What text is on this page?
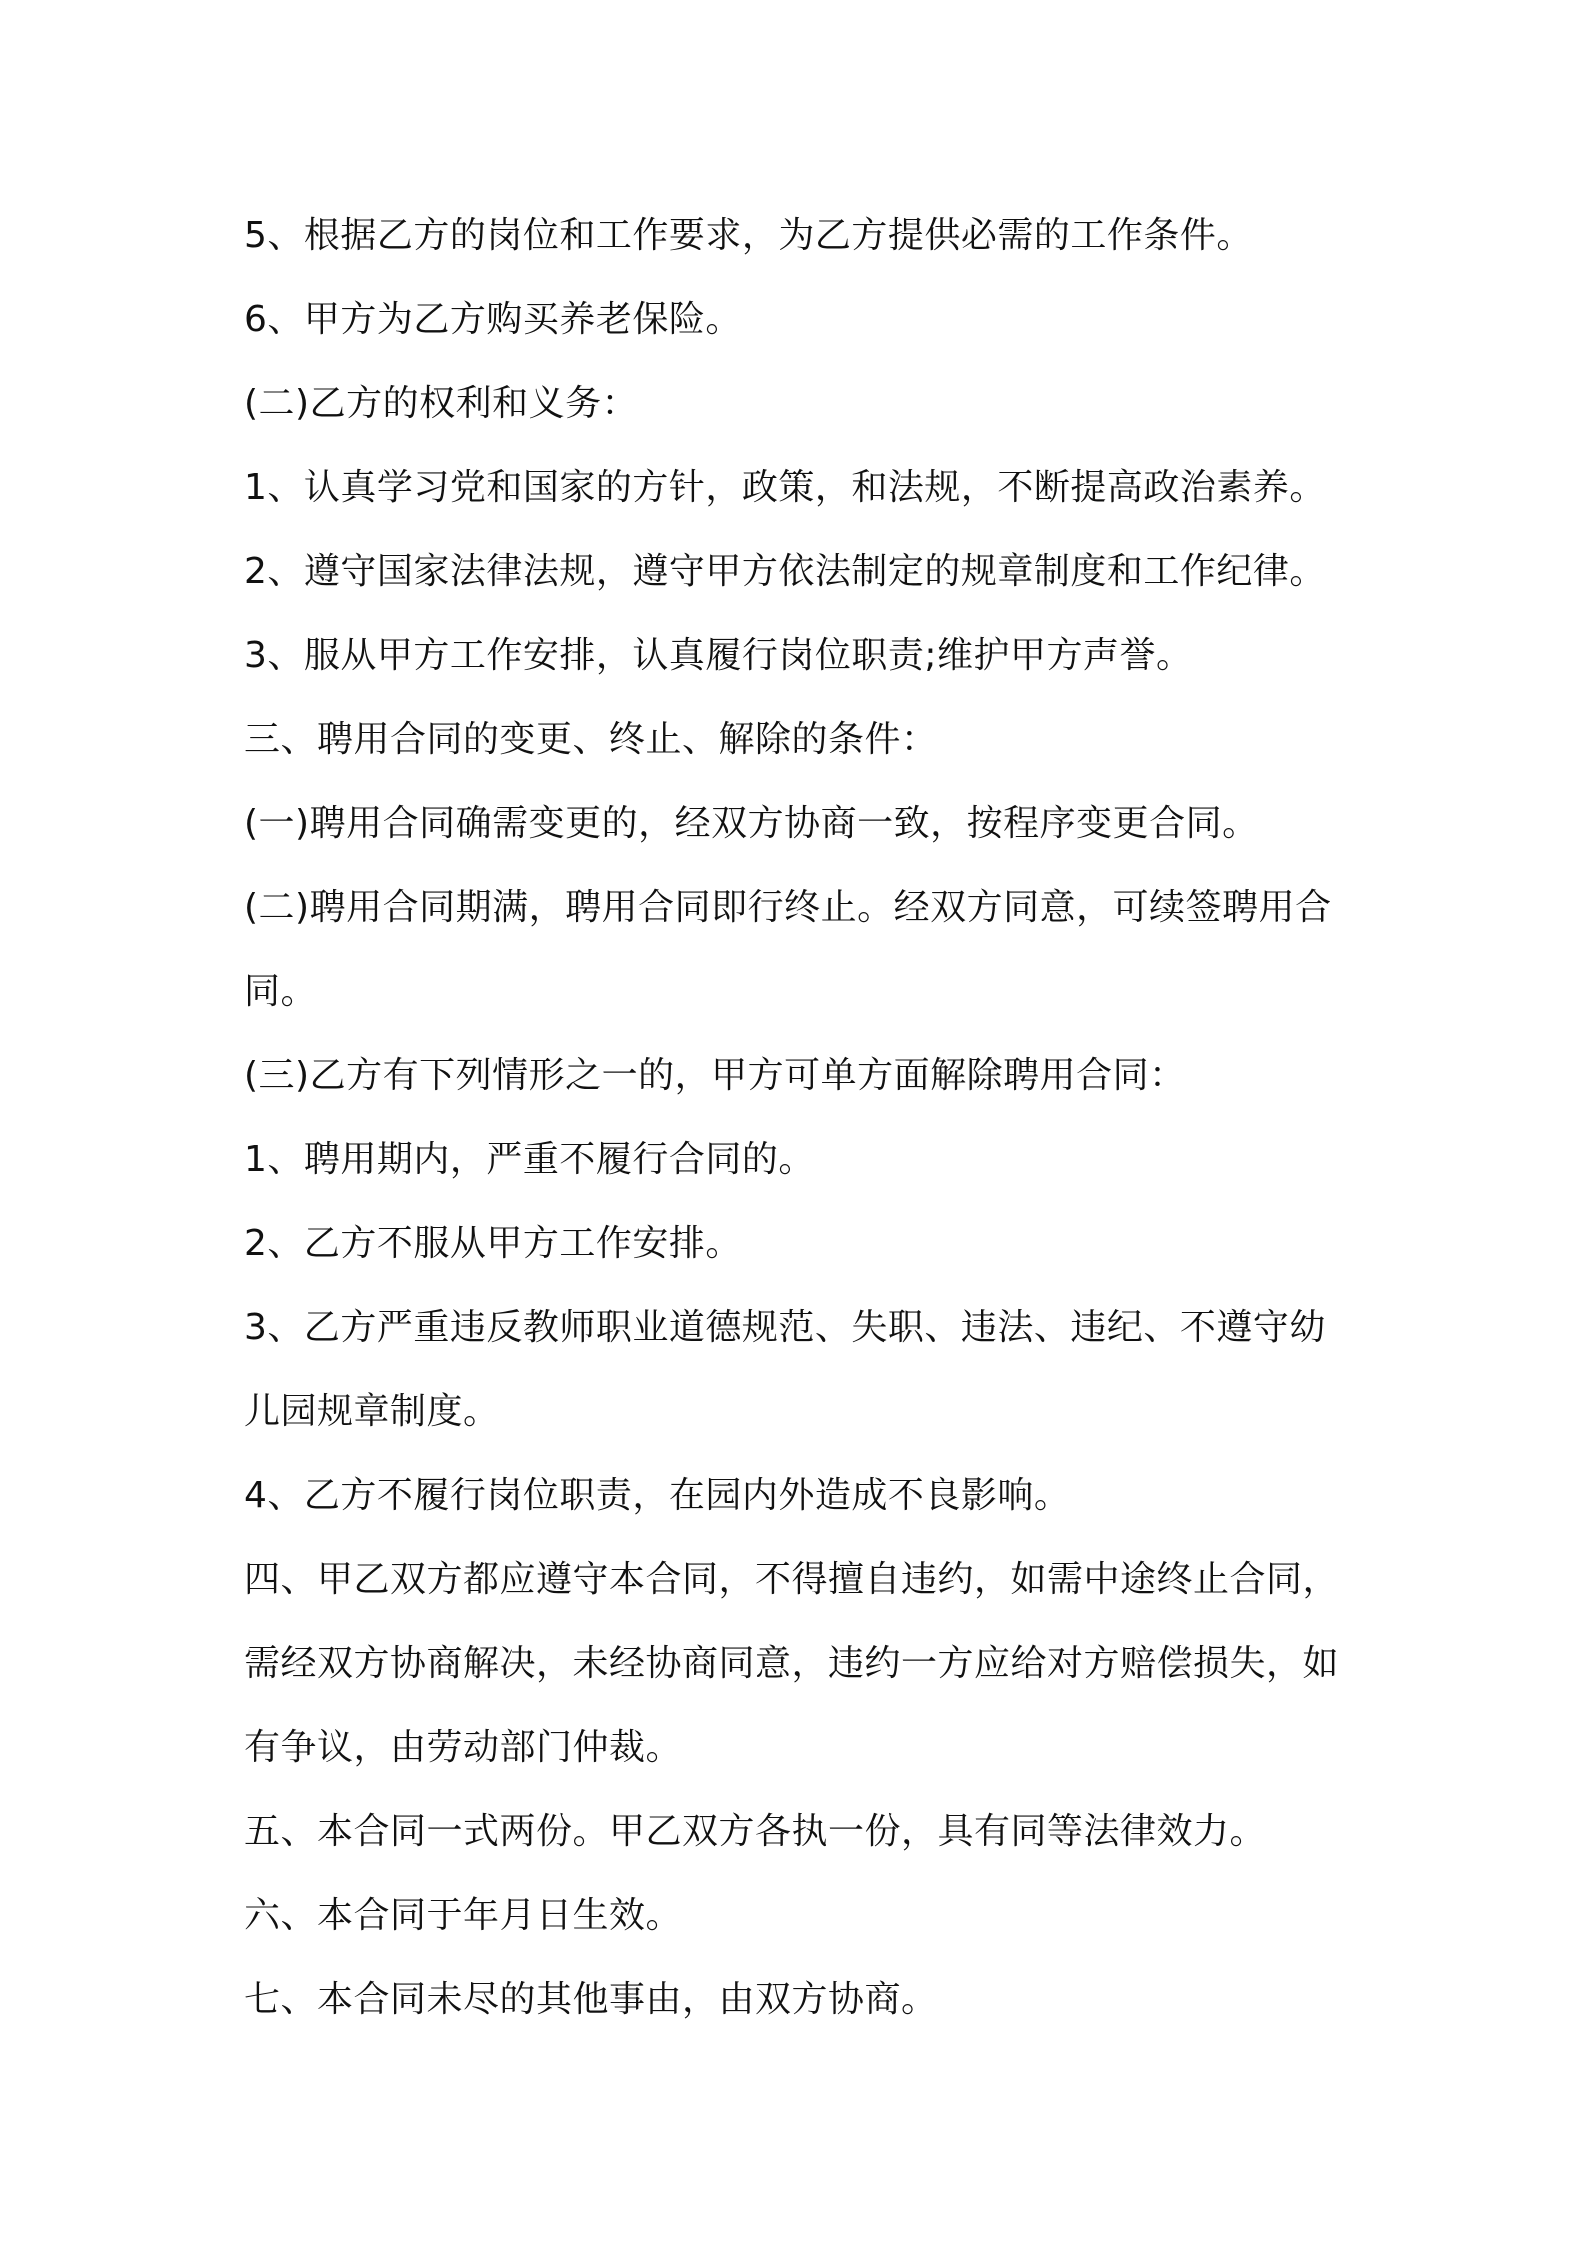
5、根据乙方的岗位和工作要求，为乙方提供必需的工作条件。
6、甲方为乙方购买养老保险。
(二)乙方的权利和义务：
1、认真学习党和国家的方针，政策，和法规，不断提高政治素养。
2、遵守国家法律法规，遵守甲方依法制定的规章制度和工作纪律。
3、服从甲方工作安排，认真履行岗位职责;维护甲方声誉。
三、聘用合同的变更、终止、解除的条件：
(一)聘用合同确需变更的，经双方协商一致，按程序变更合同。
(二)聘用合同期满，聘用合同即行终止。经双方同意，可续签聘用合
同。
(三)乙方有下列情形之一的，甲方可单方面解除聘用合同：
1、聘用期内，严重不履行合同的。
2、乙方不服从甲方工作安排。
3、乙方严重违反教师职业道德规范、失职、违法、违纪、不遵守幼
儿园规章制度。
4、乙方不履行岗位职责，在园内外造成不良影响。
四、甲乙双方都应遵守本合同，不得擅自违约，如需中途终止合同，
需经双方协商解决，未经协商同意，违约一方应给对方赔偿损失，如
有争议，由劳动部门仲裁。
五、本合同一式两份。甲乙双方各执一份，具有同等法律效力。
六、本合同于年月日生效。
七、本合同未尽的其他事由，由双方协商。
